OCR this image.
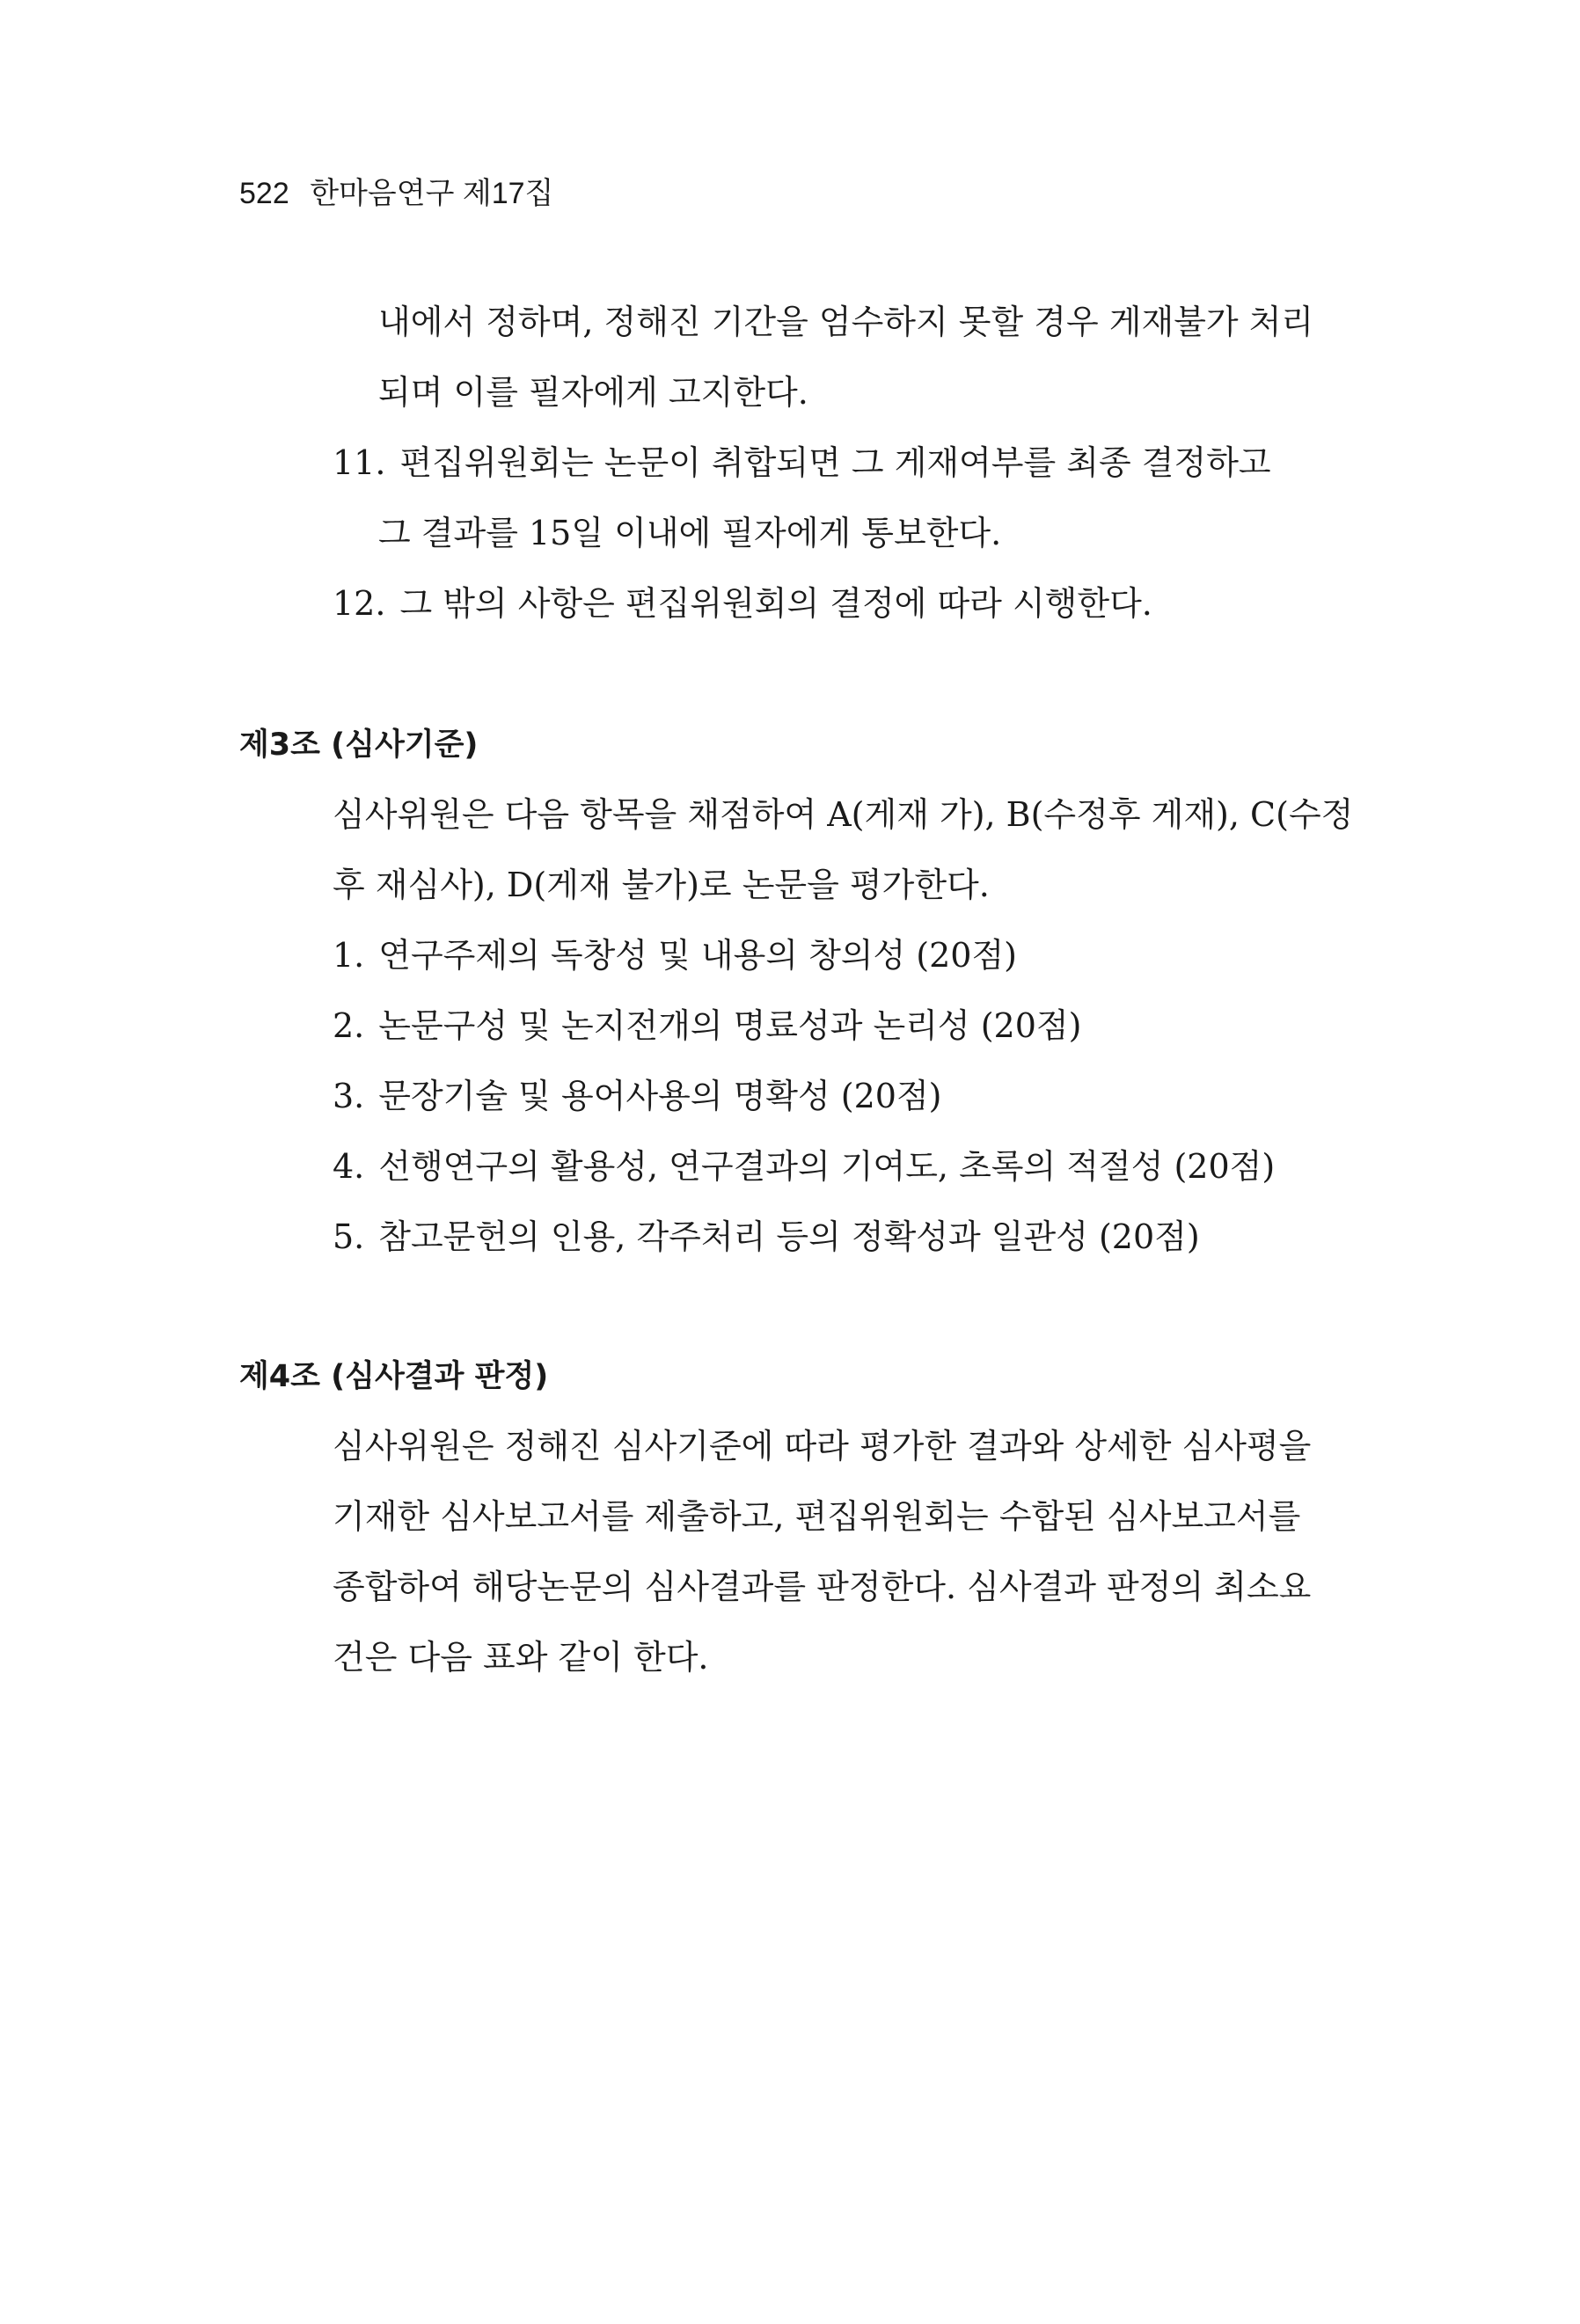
522 한마음연구 제17집
내에서 정하며, 정해진 기간을 엄수하지 못할 경우 게재불가 처리
되며 이를 필자에게 고지한다.
11. 편집위원회는 논문이 취합되면 그 게재여부를 최종 결정하고
그 결과를 15일 이내에 필자에게 통보한다.
12. 그 밖의 사항은 편집위원회의 결정에 따라 시행한다.
제3조 (심사기준)
심사위원은 다음 항목을 채점하여 A(게재 가), B(수정후 게재), C(수정
후 재심사), D(게재 불가)로 논문을 평가한다.
1. 연구주제의 독창성 및 내용의 창의성 (20점)
2. 논문구성 및 논지전개의 명료성과 논리성 (20점)
3. 문장기술 및 용어사용의 명확성 (20점)
4. 선행연구의 활용성, 연구결과의 기여도, 초록의 적절성 (20점)
5. 참고문헌의 인용, 각주처리 등의 정확성과 일관성 (20점)
제4조 (심사결과 판정)
심사위원은 정해진 심사기준에 따라 평가한 결과와 상세한 심사평을
기재한 심사보고서를 제출하고, 편집위원회는 수합된 심사보고서를
종합하여 해당논문의 심사결과를 판정한다. 심사결과 판정의 최소요
건은 다음 표와 같이 한다.
